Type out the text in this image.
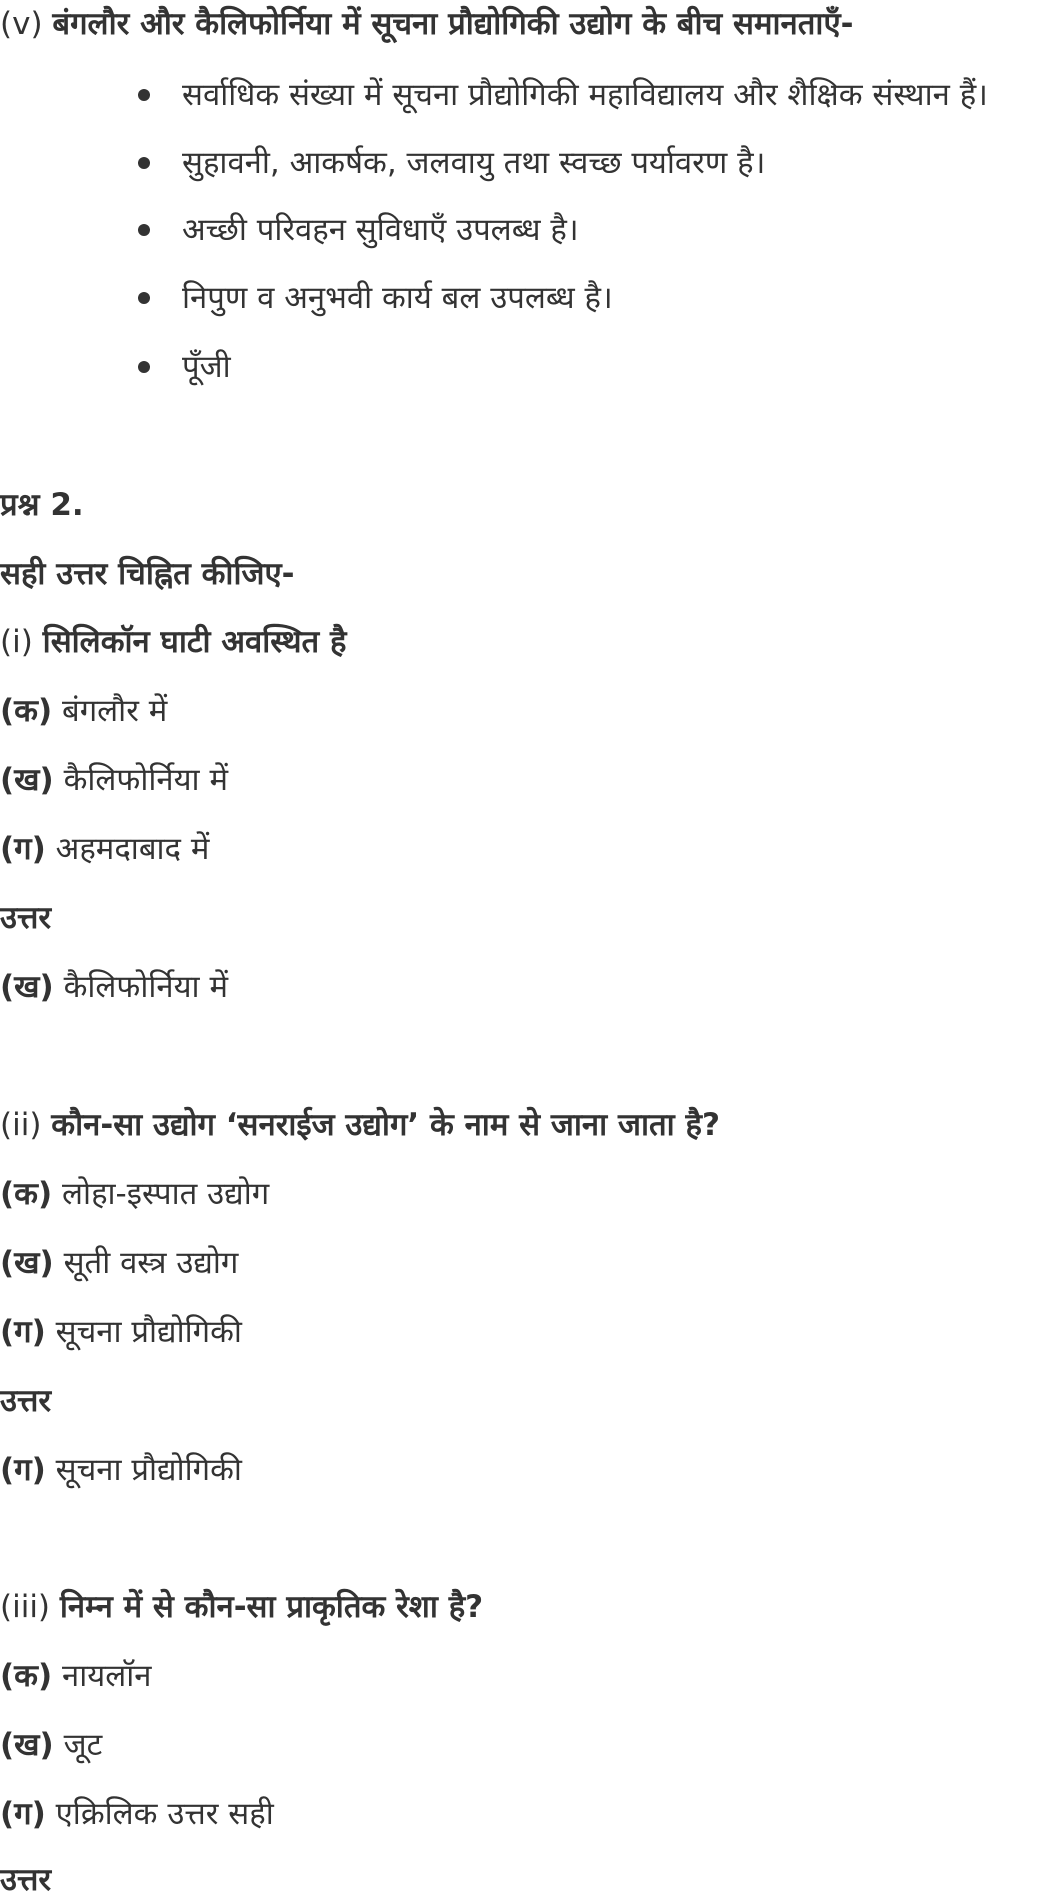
(v) बंगलौर और कैलिफोर्निया में सूचना प्रौद्योगिकी उद्योग के बीच समानताएँ-
सर्वाधिक संख्या में सूचना प्रौद्योगिकी महाविद्यालय और शैक्षिक संस्थान हैं।
सुहावनी, आकर्षक, जलवायु तथा स्वच्छ पर्यावरण है।
अच्छी परिवहन सुविधाएँ उपलब्ध है।
निपुण व अनुभवी कार्य बल उपलब्ध है।
पूँजी
प्रश्न 2.
सही उत्तर चिह्नित कीजिए-
(i) सिलिकॉन घाटी अवस्थित है
(क) बंगलौर में
(ख) कैलिफोर्निया में
(ग) अहमदाबाद में
उत्तर
(ख) कैलिफोर्निया में
(ii) कौन-सा उद्योग ‘सनराईज उद्योग’ के नाम से जाना जाता है?
(क) लोहा-इस्पात उद्योग
(ख) सूती वस्त्र उद्योग
(ग) सूचना प्रौद्योगिकी
उत्तर
(ग) सूचना प्रौद्योगिकी
(iii) निम्न में से कौन-सा प्राकृतिक रेशा है?
(क) नायलॉन
(ख) जूट
(ग) एक्रिलिक उत्तर सही
उत्तर
